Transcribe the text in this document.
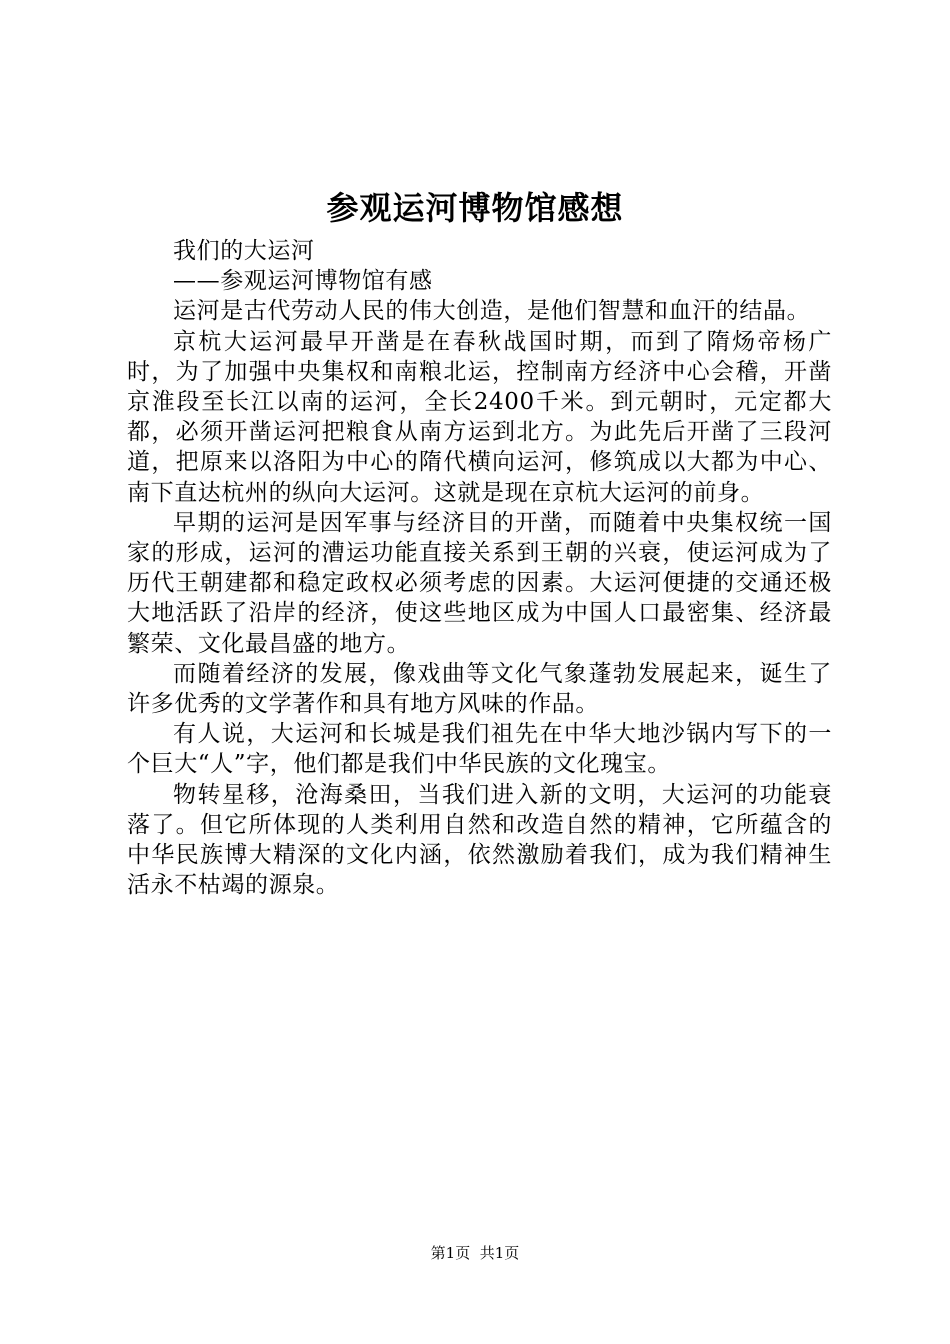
参观运河博物馆感想

我们的大运河

——参观运河博物馆有感

运河是古代劳动人民的伟大创造，是他们智慧和血汗的结晶。

京杭大运河最早开凿是在春秋战国时期，而到了隋炀帝杨广时，为了加强中央集权和南粮北运，控制南方经济中心会稽，开凿京淮段至长江以南的运河，全长2400千米。到元朝时，元定都大都，必须开凿运河把粮食从南方运到北方。为此先后开凿了三段河道，把原来以洛阳为中心的隋代横向运河，修筑成以大都为中心、南下直达杭州的纵向大运河。这就是现在京杭大运河的前身。

早期的运河是因军事与经济目的开凿，而随着中央集权统一国家的形成，运河的漕运功能直接关系到王朝的兴衰，使运河成为了历代王朝建都和稳定政权必须考虑的因素。大运河便捷的交通还极大地活跃了沿岸的经济，使这些地区成为中国人口最密集、经济最繁荣、文化最昌盛的地方。

而随着经济的发展，像戏曲等文化气象蓬勃发展起来，诞生了许多优秀的文学著作和具有地方风味的作品。

有人说，大运河和长城是我们祖先在中华大地沙锅内写下的一个巨大“人”字，他们都是我们中华民族的文化瑰宝。

物转星移，沧海桑田，当我们进入新的文明，大运河的功能衰落了。但它所体现的人类利用自然和改造自然的精神，它所蕴含的中华民族博大精深的文化内涵，依然激励着我们，成为我们精神生活永不枯竭的源泉。

第1页 共1页
